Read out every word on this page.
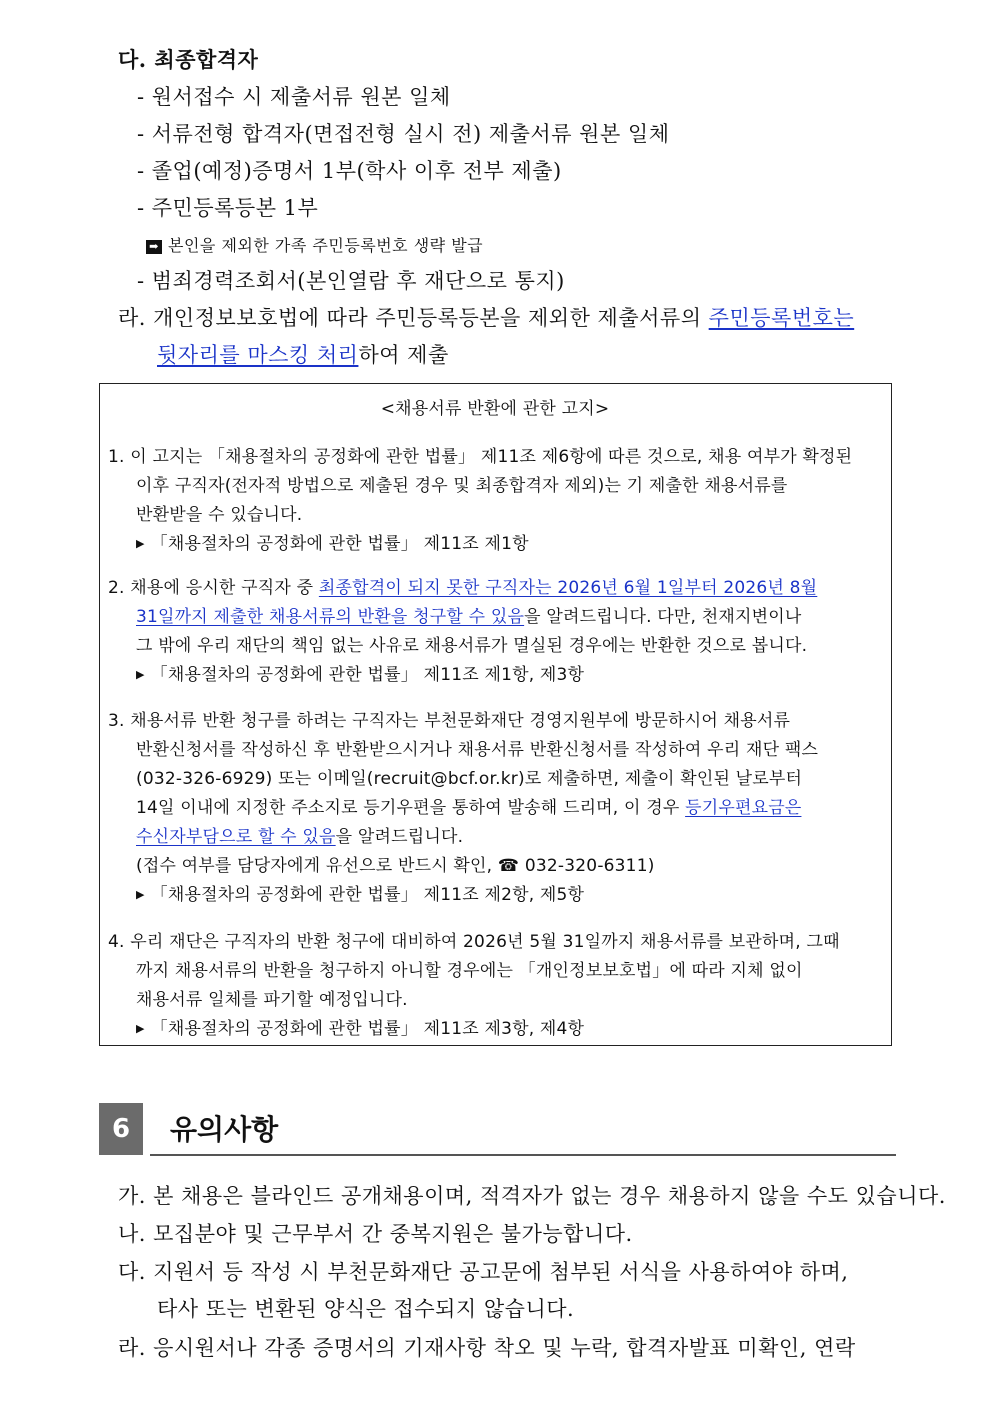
다. 최종합격자
- 원서접수 시 제출서류 원본 일체
- 서류전형 합격자(면접전형 실시 전) 제출서류 원본 일체
- 졸업(예정)증명서 1부(학사 이후 전부 제출)
- 주민등록등본 1부
➡ 본인을 제외한 가족 주민등록번호 생략 발급
- 범죄경력조회서(본인열람 후 재단으로 통지)
라. 개인정보보호법에 따라 주민등록등본을 제외한 제출서류의 주민등록번호는
뒷자리를 마스킹 처리하여 제출
<채용서류 반환에 관한 고지>
1. 이 고지는 「채용절차의 공정화에 관한 법률」 제11조 제6항에 따른 것으로, 채용 여부가 확정된
이후 구직자(전자적 방법으로 제출된 경우 및 최종합격자 제외)는 기 제출한 채용서류를
반환받을 수 있습니다.
▶ 「채용절차의 공정화에 관한 법률」 제11조 제1항
2. 채용에 응시한 구직자 중 최종합격이 되지 못한 구직자는 2026년 6월 1일부터 2026년 8월
31일까지 제출한 채용서류의 반환을 청구할 수 있음을 알려드립니다. 다만, 천재지변이나
그 밖에 우리 재단의 책임 없는 사유로 채용서류가 멸실된 경우에는 반환한 것으로 봅니다.
▶ 「채용절차의 공정화에 관한 법률」 제11조 제1항, 제3항
3. 채용서류 반환 청구를 하려는 구직자는 부천문화재단 경영지원부에 방문하시어 채용서류
반환신청서를 작성하신 후 반환받으시거나 채용서류 반환신청서를 작성하여 우리 재단 팩스
(032-326-6929) 또는 이메일(recruit@bcf.or.kr)로 제출하면, 제출이 확인된 날로부터
14일 이내에 지정한 주소지로 등기우편을 통하여 발송해 드리며, 이 경우 등기우편요금은
수신자부담으로 할 수 있음을 알려드립니다.
(접수 여부를 담당자에게 유선으로 반드시 확인, ☎ 032-320-6311)
▶ 「채용절차의 공정화에 관한 법률」 제11조 제2항, 제5항
4. 우리 재단은 구직자의 반환 청구에 대비하여 2026년 5월 31일까지 채용서류를 보관하며, 그때
까지 채용서류의 반환을 청구하지 아니할 경우에는 「개인정보보호법」에 따라 지체 없이
채용서류 일체를 파기할 예정입니다.
▶ 「채용절차의 공정화에 관한 법률」 제11조 제3항, 제4항
6	유의사항
가. 본 채용은 블라인드 공개채용이며, 적격자가 없는 경우 채용하지 않을 수도 있습니다.
나. 모집분야 및 근무부서 간 중복지원은 불가능합니다.
다. 지원서 등 작성 시 부천문화재단 공고문에 첨부된 서식을 사용하여야 하며,
타사 또는 변환된 양식은 접수되지 않습니다.
라. 응시원서나 각종 증명서의 기재사항 착오 및 누락, 합격자발표 미확인, 연락
